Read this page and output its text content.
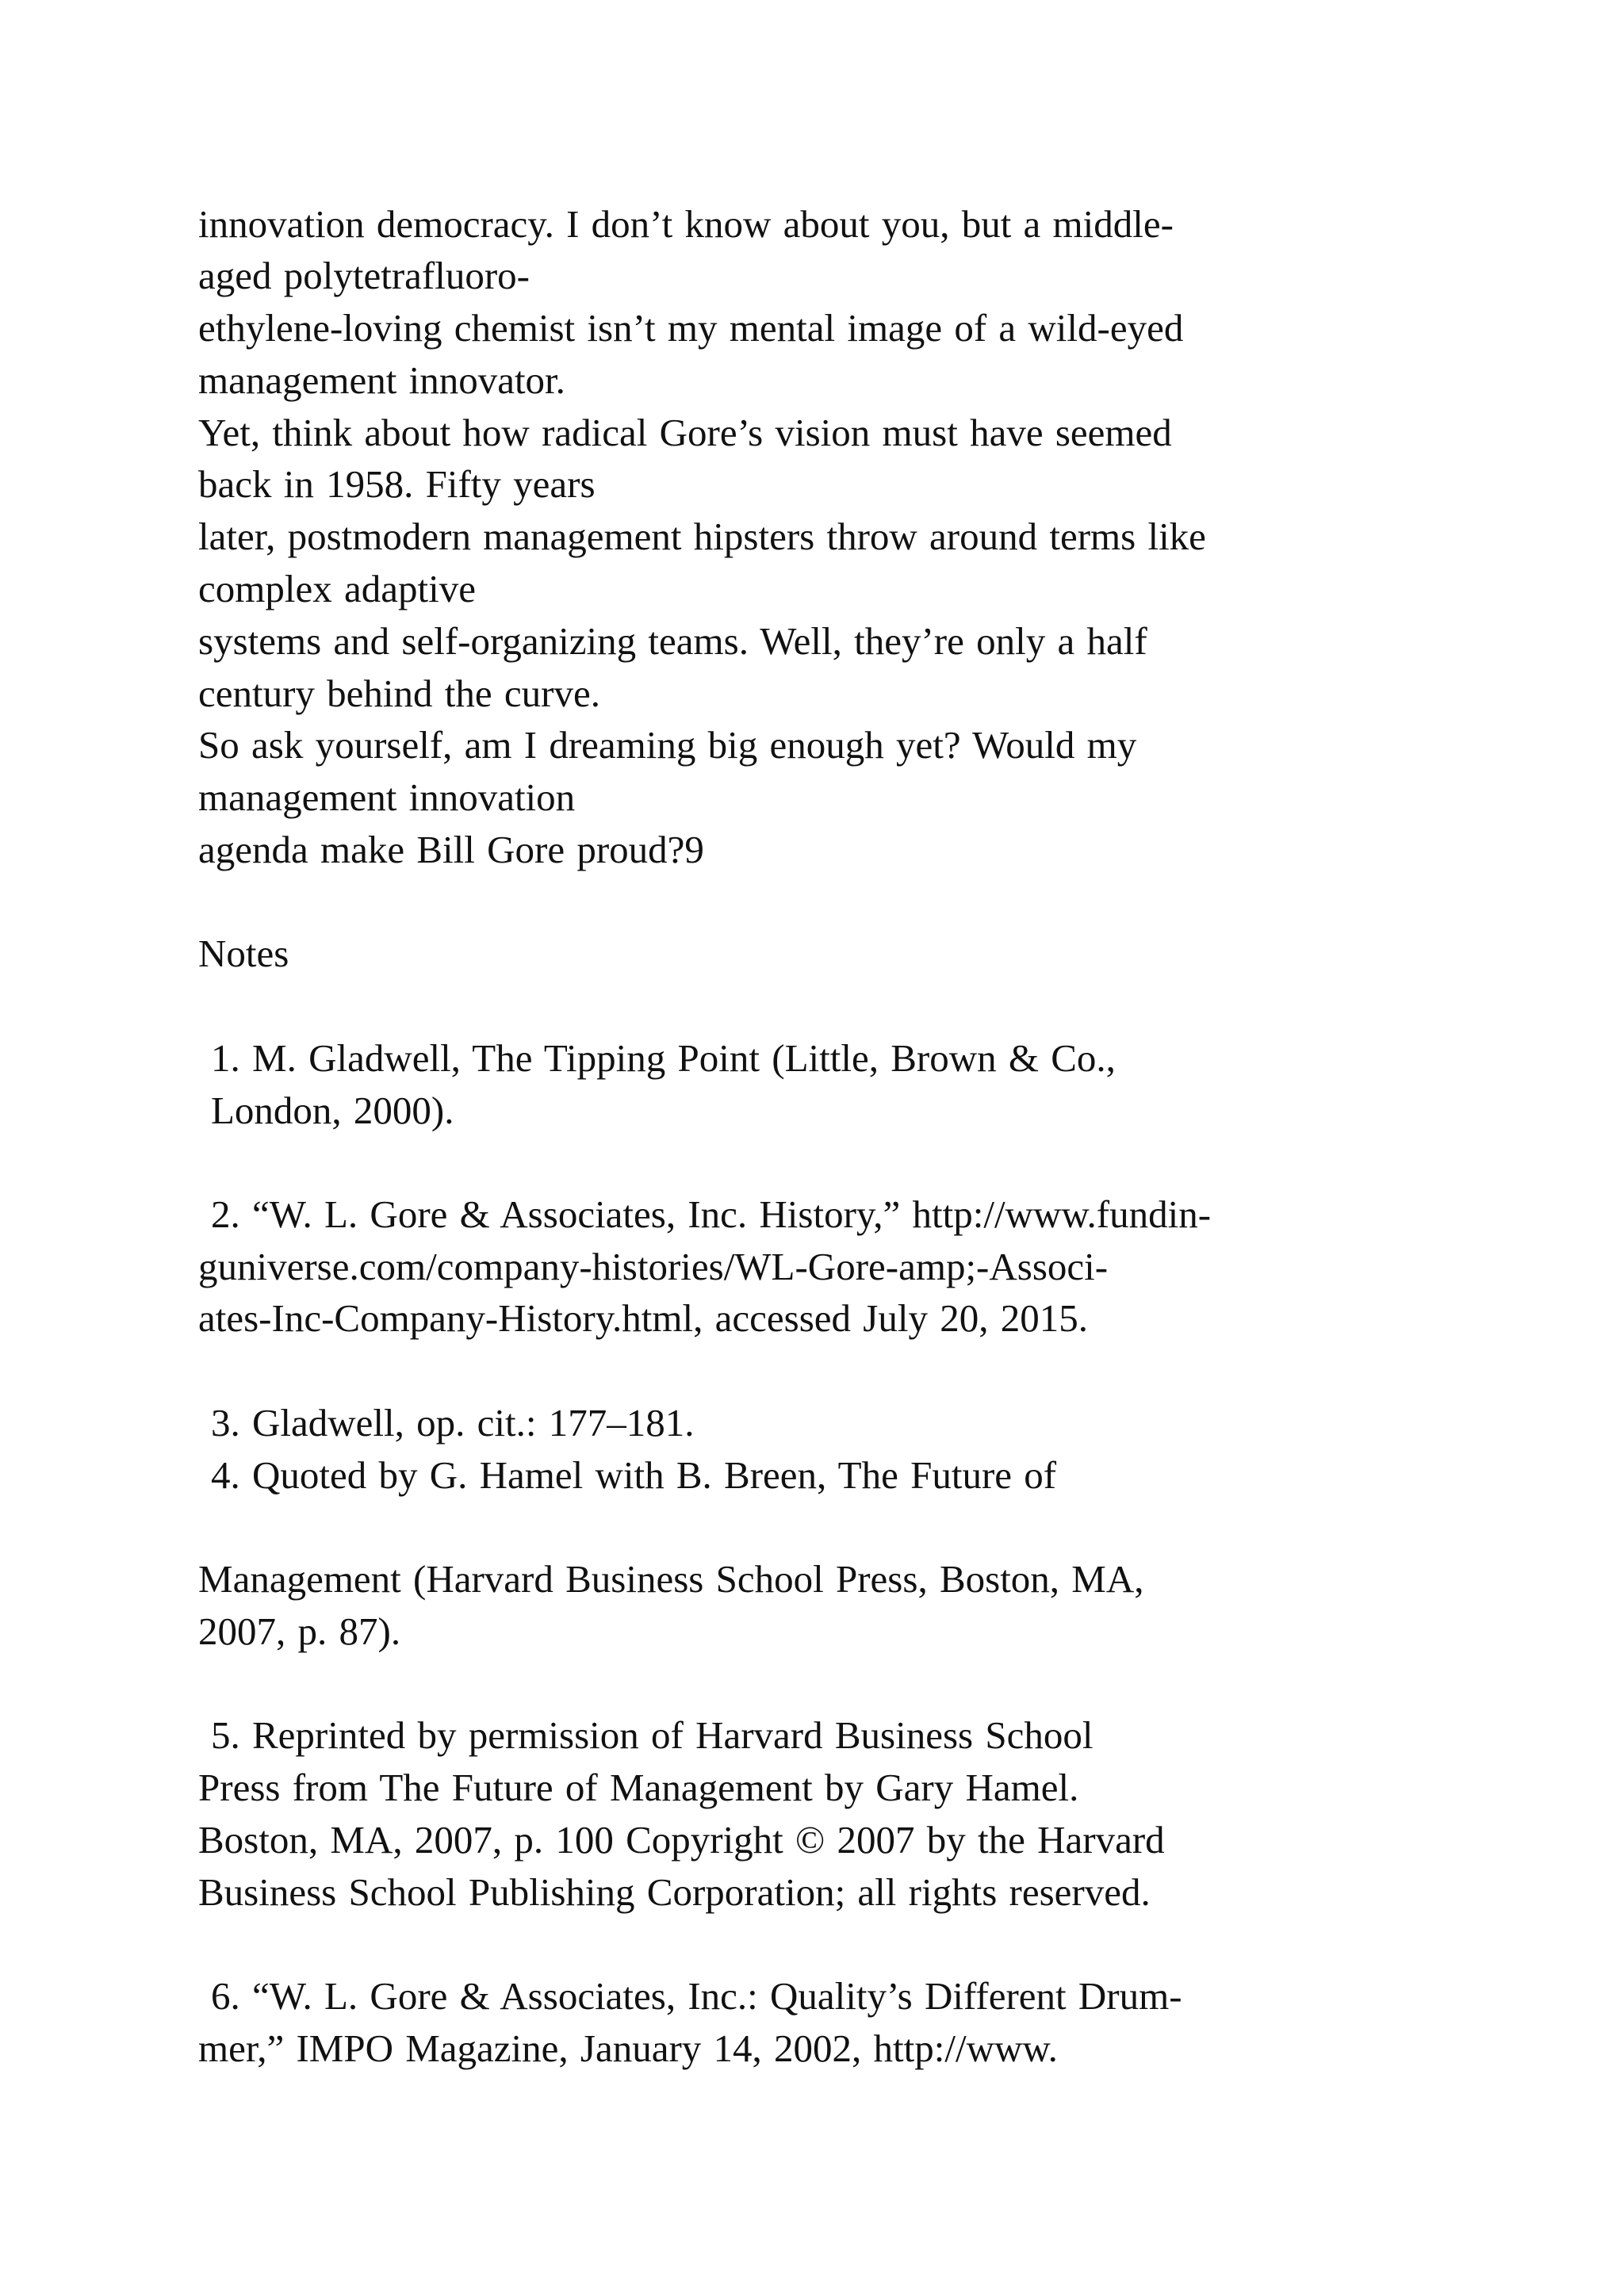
innovation democracy. I don’t know about you, but a middle-

aged polytetrafluoro-

ethylene-loving chemist isn’t my mental image of a wild-eyed

management innovator.

Yet, think about how radical Gore’s vision must have seemed

back in 1958. Fifty years

later, postmodern management hipsters throw around terms like

complex adaptive

systems and self-organizing teams. Well, they’re only a half

century behind the curve.

So ask yourself, am I dreaming big enough yet? Would my

management innovation

agenda make Bill Gore proud?9

Notes

1. M. Gladwell, The Tipping Point (Little, Brown & Co.,

London, 2000).

2. “W. L. Gore & Associates, Inc. History,” http://www.fundin-

guniverse.com/company-histories/WL-Gore-amp;-Associ-

ates-Inc-Company-History.html, accessed July 20, 2015.

3. Gladwell, op. cit.: 177–181.

4. Quoted by G. Hamel with B. Breen, The Future of

Management (Harvard Business School Press, Boston, MA,

2007, p. 87).

5. Reprinted by permission of Harvard Business School

Press from The Future of Management by Gary Hamel.

Boston, MA, 2007, p. 100 Copyright © 2007 by the Harvard

Business School Publishing Corporation; all rights reserved.

6. “W. L. Gore & Associates, Inc.: Quality’s Different Drum-

mer,” IMPO Magazine, January 14, 2002, http://www.
